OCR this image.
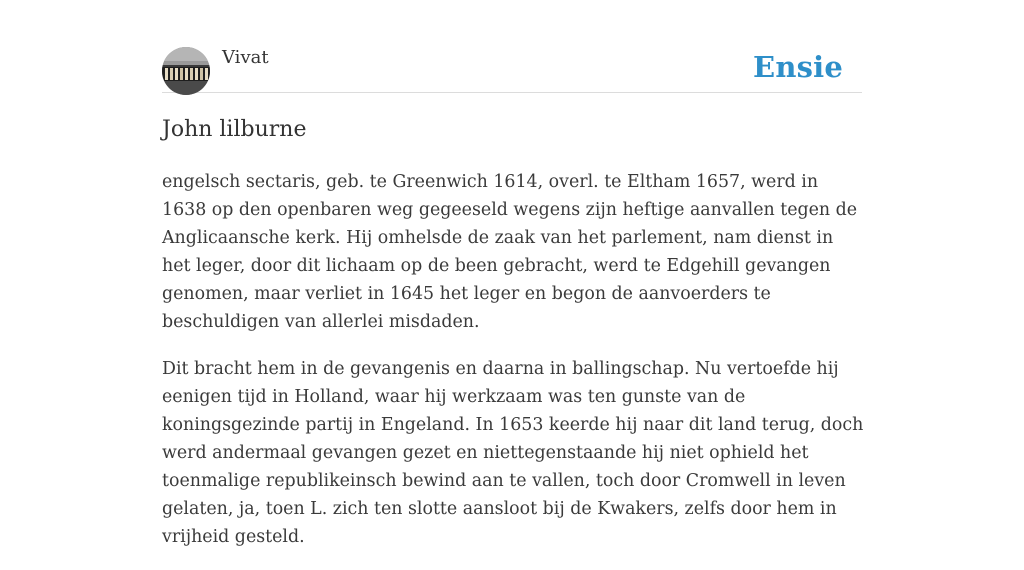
Vivat	Ensie
John lilburne

engelsch sectaris, geb. te Greenwich 1614, overl. te Eltham 1657, werd in 1638 op den openbaren weg gegeeseld wegens zijn heftige aanvallen tegen de Anglicaansche kerk. Hij omhelsde de zaak van het parlement, nam dienst in het leger, door dit lichaam op de been gebracht, werd te Edgehill gevangen genomen, maar verliet in 1645 het leger en begon de aanvoerders te beschuldigen van allerlei misdaden.

Dit bracht hem in de gevangenis en daarna in ballingschap. Nu vertoefde hij eenigen tijd in Holland, waar hij werkzaam was ten gunste van de koningsgezinde partij in Engeland. In 1653 keerde hij naar dit land terug, doch werd andermaal gevangen gezet en niettegenstaande hij niet ophield het toenmalige republikeinsch bewind aan te vallen, toch door Cromwell in leven gelaten, ja, toen L. zich ten slotte aansloot bij de Kwakers, zelfs door hem in vrijheid gesteld.
